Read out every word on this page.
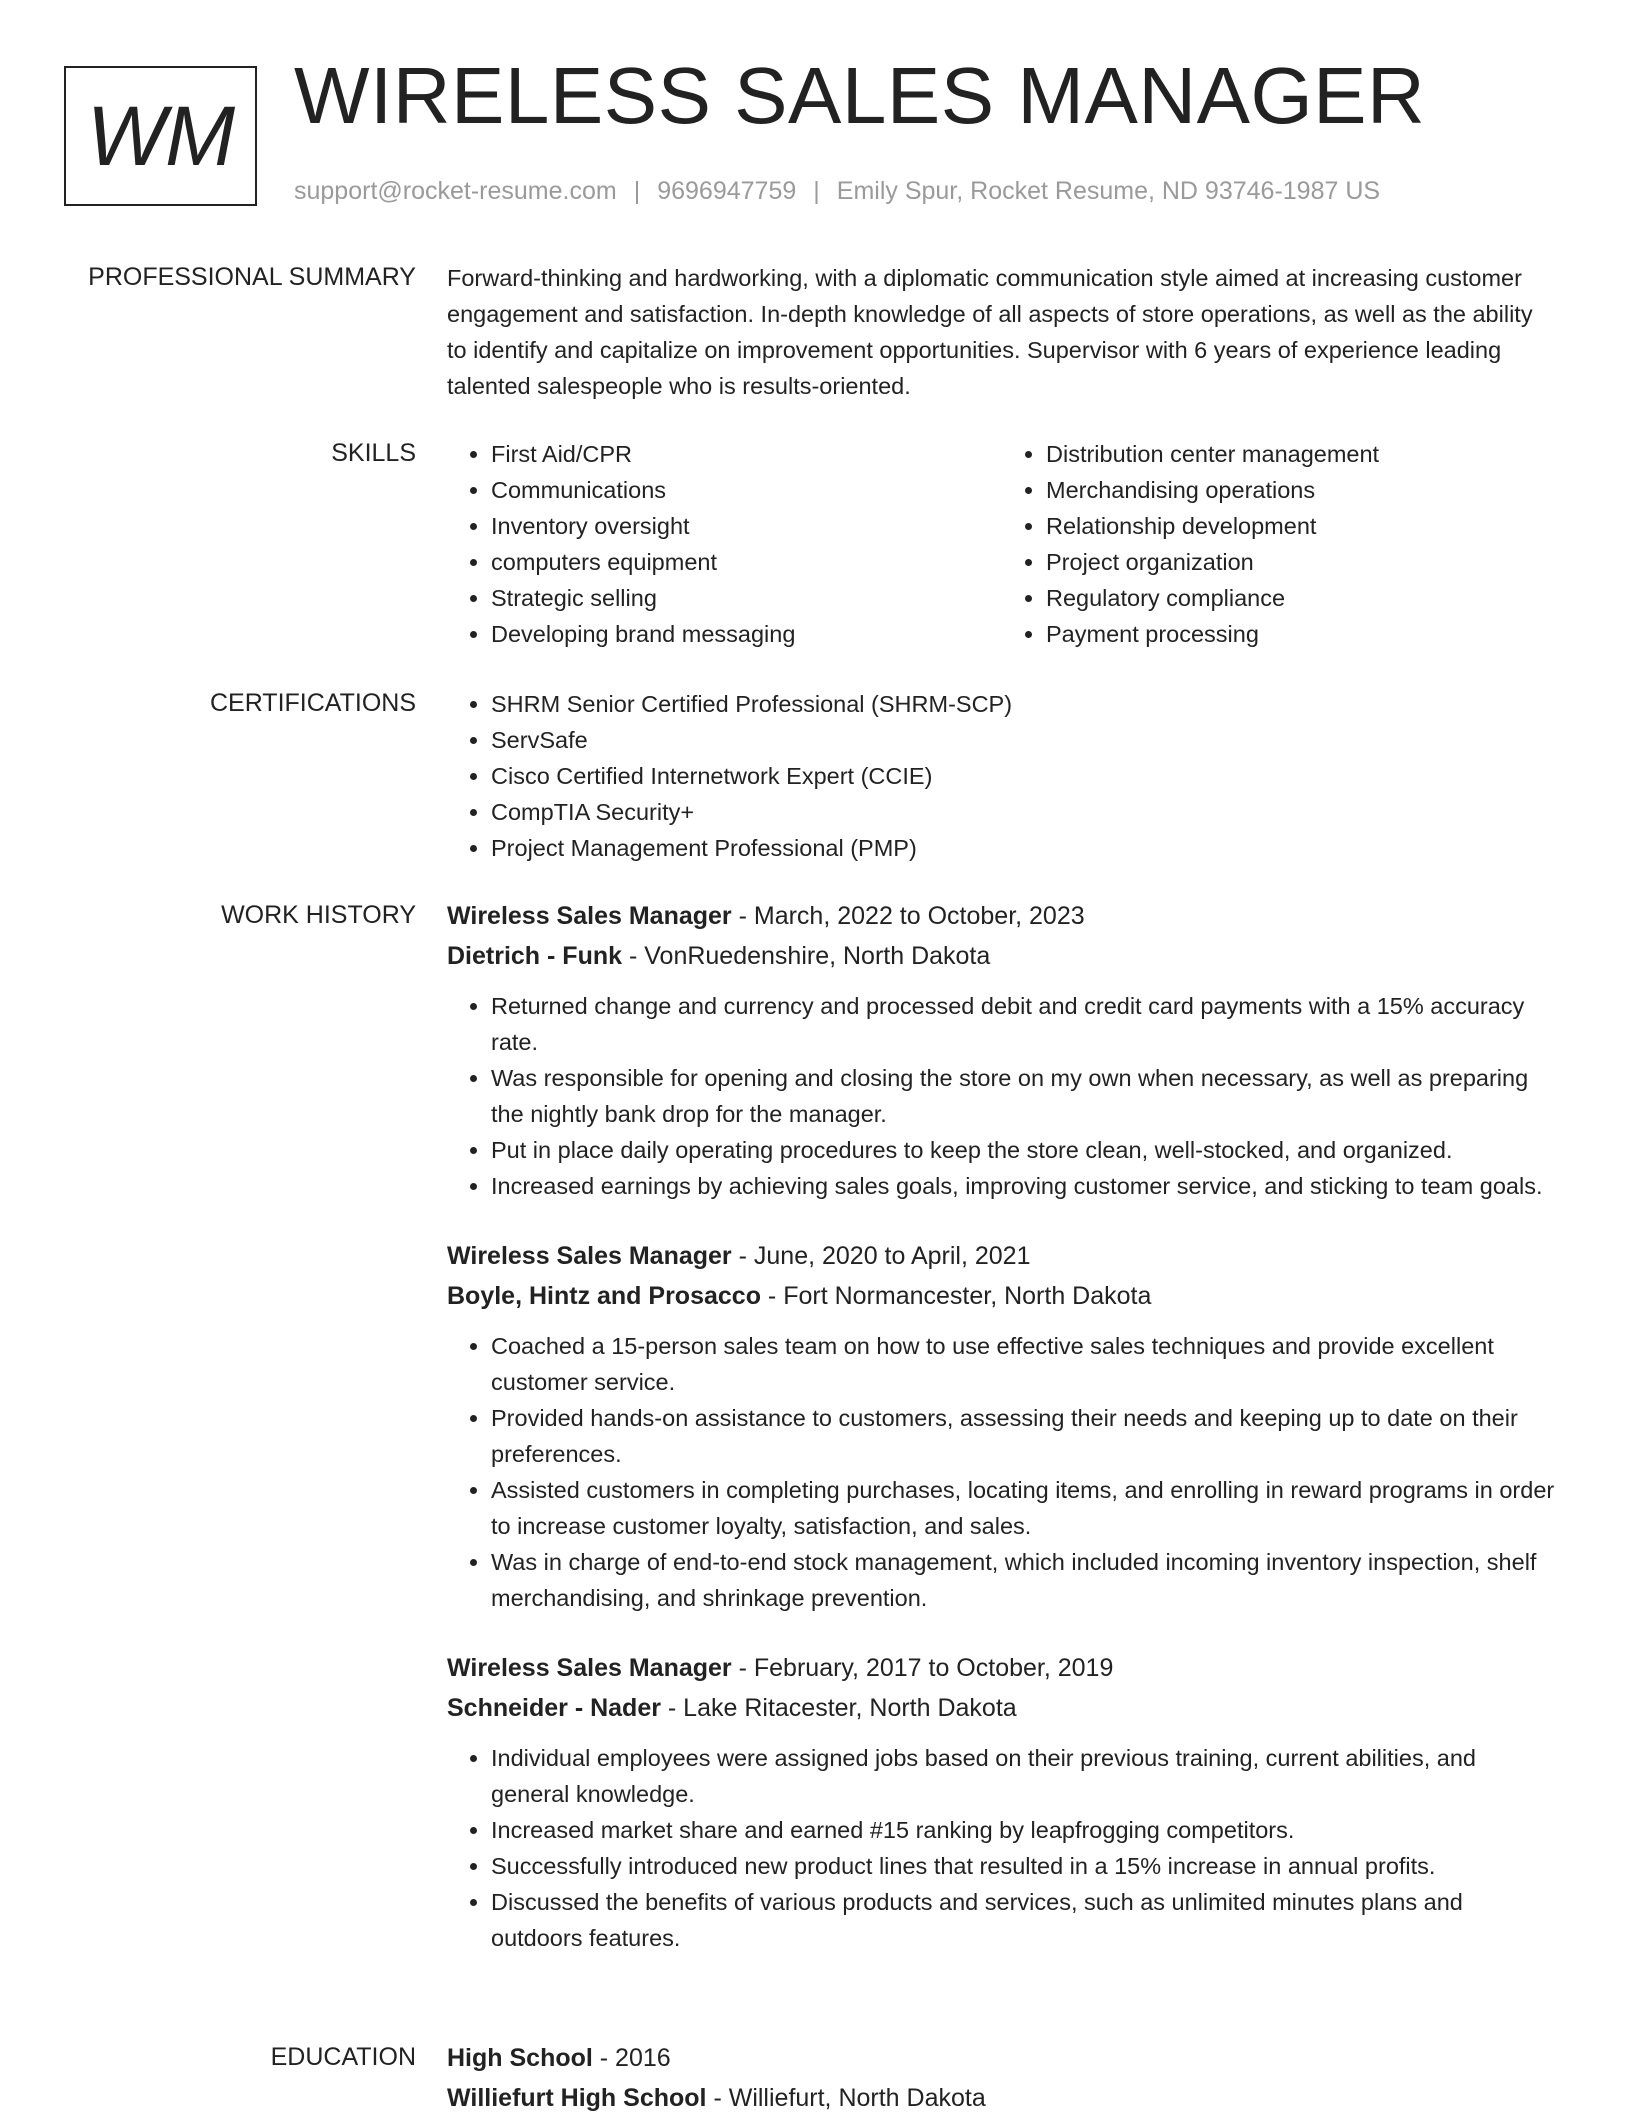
WM WIRELESS SALES MANAGER
support@rocket-resume.com | 9696947759 | Emily Spur, Rocket Resume, ND 93746-1987 US
PROFESSIONAL SUMMARY Forward-thinking and hardworking, with a diplomatic communication style aimed at increasing customer engagement and satisfaction. In-depth knowledge of all aspects of store operations, as well as the ability to identify and capitalize on improvement opportunities. Supervisor with 6 years of experience leading talented salespeople who is results-oriented.

SKILLS	• First Aid/CPR
• Communications
• Inventory oversight
• computers equipment
• Strategic selling
• Developing brand messaging
• Distribution center management
• Merchandising operations
• Relationship development
• Project organization
• Regulatory compliance
• Payment processing
CERTIFICATIONS	• SHRM Senior Certified Professional (SHRM-SCP)
• ServSafe
• Cisco Certified Internetwork Expert (CCIE)
• CompTIA Security+
• Project Management Professional (PMP)
WORK HISTORY Wireless Sales Manager - March, 2022 to October, 2023
Dietrich - Funk - VonRuedenshire, North Dakota
• Returned change and currency and processed debit and credit card payments with a 15% accuracy rate.
• Was responsible for opening and closing the store on my own when necessary, as well as preparing the nightly bank drop for the manager.
• Put in place daily operating procedures to keep the store clean, well-stocked, and organized.
• Increased earnings by achieving sales goals, improving customer service, and sticking to team goals.
Wireless Sales Manager - June, 2020 to April, 2021
Boyle, Hintz and Prosacco - Fort Normancester, North Dakota
• Coached a 15-person sales team on how to use effective sales techniques and provide excellent customer service.
• Provided hands-on assistance to customers, assessing their needs and keeping up to date on their preferences.
• Assisted customers in completing purchases, locating items, and enrolling in reward programs in order to increase customer loyalty, satisfaction, and sales.
• Was in charge of end-to-end stock management, which included incoming inventory inspection, shelf merchandising, and shrinkage prevention.
Wireless Sales Manager - February, 2017 to October, 2019
Schneider - Nader - Lake Ritacester, North Dakota
• Individual employees were assigned jobs based on their previous training, current abilities, and general knowledge.
• Increased market share and earned #15 ranking by leapfrogging competitors.
• Successfully introduced new product lines that resulted in a 15% increase in annual profits.
• Discussed the benefits of various products and services, such as unlimited minutes plans and outdoors features.
EDUCATION High School - 2016
Williefurt High School - Williefurt, North Dakota
